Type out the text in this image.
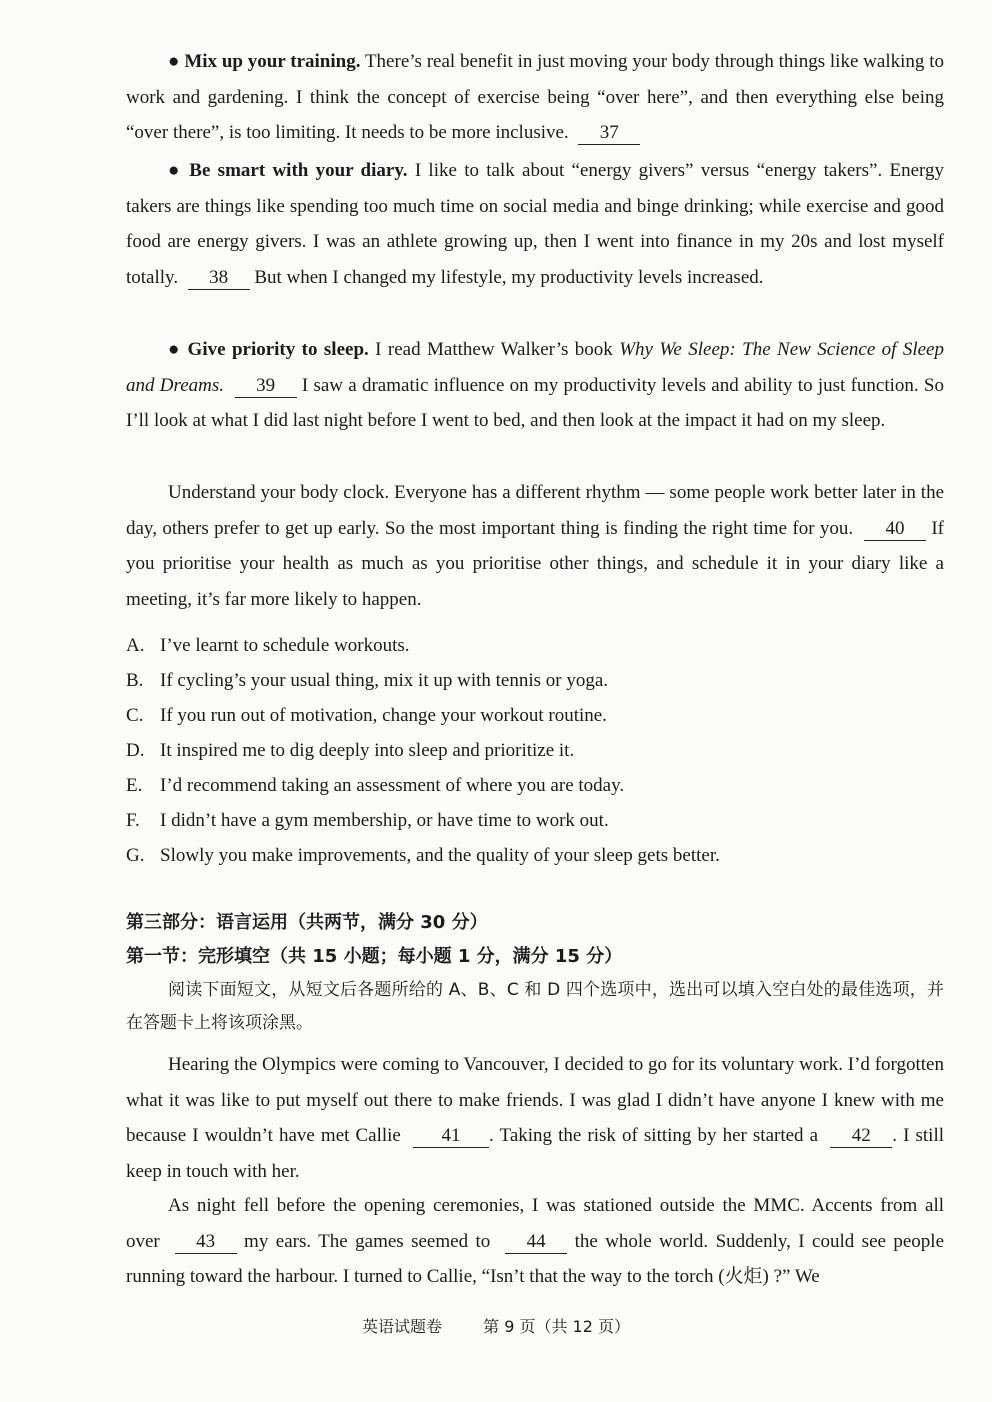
● Mix up your training. There’s real benefit in just moving your body through things like walking to work and gardening. I think the concept of exercise being “over here”, and then everything else being “over there”, is too limiting. It needs to be more inclusive. 37

● Be smart with your diary. I like to talk about “energy givers” versus “energy takers”. Energy takers are things like spending too much time on social media and binge drinking; while exercise and good food are energy givers. I was an athlete growing up, then I went into finance in my 20s and lost myself totally. 38 But when I changed my lifestyle, my productivity levels increased.

● Give priority to sleep. I read Matthew Walker’s book Why We Sleep: The New Science of Sleep and Dreams. 39 I saw a dramatic influence on my productivity levels and ability to just function. So I’ll look at what I did last night before I went to bed, and then look at the impact it had on my sleep.

Understand your body clock. Everyone has a different rhythm — some people work better later in the day, others prefer to get up early. So the most important thing is finding the right time for you. 40 If you prioritise your health as much as you prioritise other things, and schedule it in your diary like a meeting, it’s far more likely to happen.

A. I’ve learnt to schedule workouts.
B. If cycling’s your usual thing, mix it up with tennis or yoga.
C. If you run out of motivation, change your workout routine.
D. It inspired me to dig deeply into sleep and prioritize it.
E. I’d recommend taking an assessment of where you are today.
F. I didn’t have a gym membership, or have time to work out.
G. Slowly you make improvements, and the quality of your sleep gets better.
第三部分：语言运用（共两节，满分 30 分）
第一节：完形填空（共 15 小题；每小题 1 分，满分 15 分）

阅读下面短文，从短文后各题所给的 A、B、C 和 D 四个选项中，选出可以填入空白处的最佳选项，并在答题卡上将该项涂黑。

Hearing the Olympics were coming to Vancouver, I decided to go for its voluntary work. I’d forgotten what it was like to put myself out there to make friends. I was glad I didn’t have anyone I knew with me because I wouldn’t have met Callie 41 . Taking the risk of sitting by her started a 42 . I still keep in touch with her.

As night fell before the opening ceremonies, I was stationed outside the MMC. Accents from all over 43 my ears. The games seemed to 44 the whole world. Suddenly, I could see people running toward the harbour. I turned to Callie, “Isn’t that the way to the torch (火炬) ?” We

英语试题卷	第 9 页（共 12 页）
